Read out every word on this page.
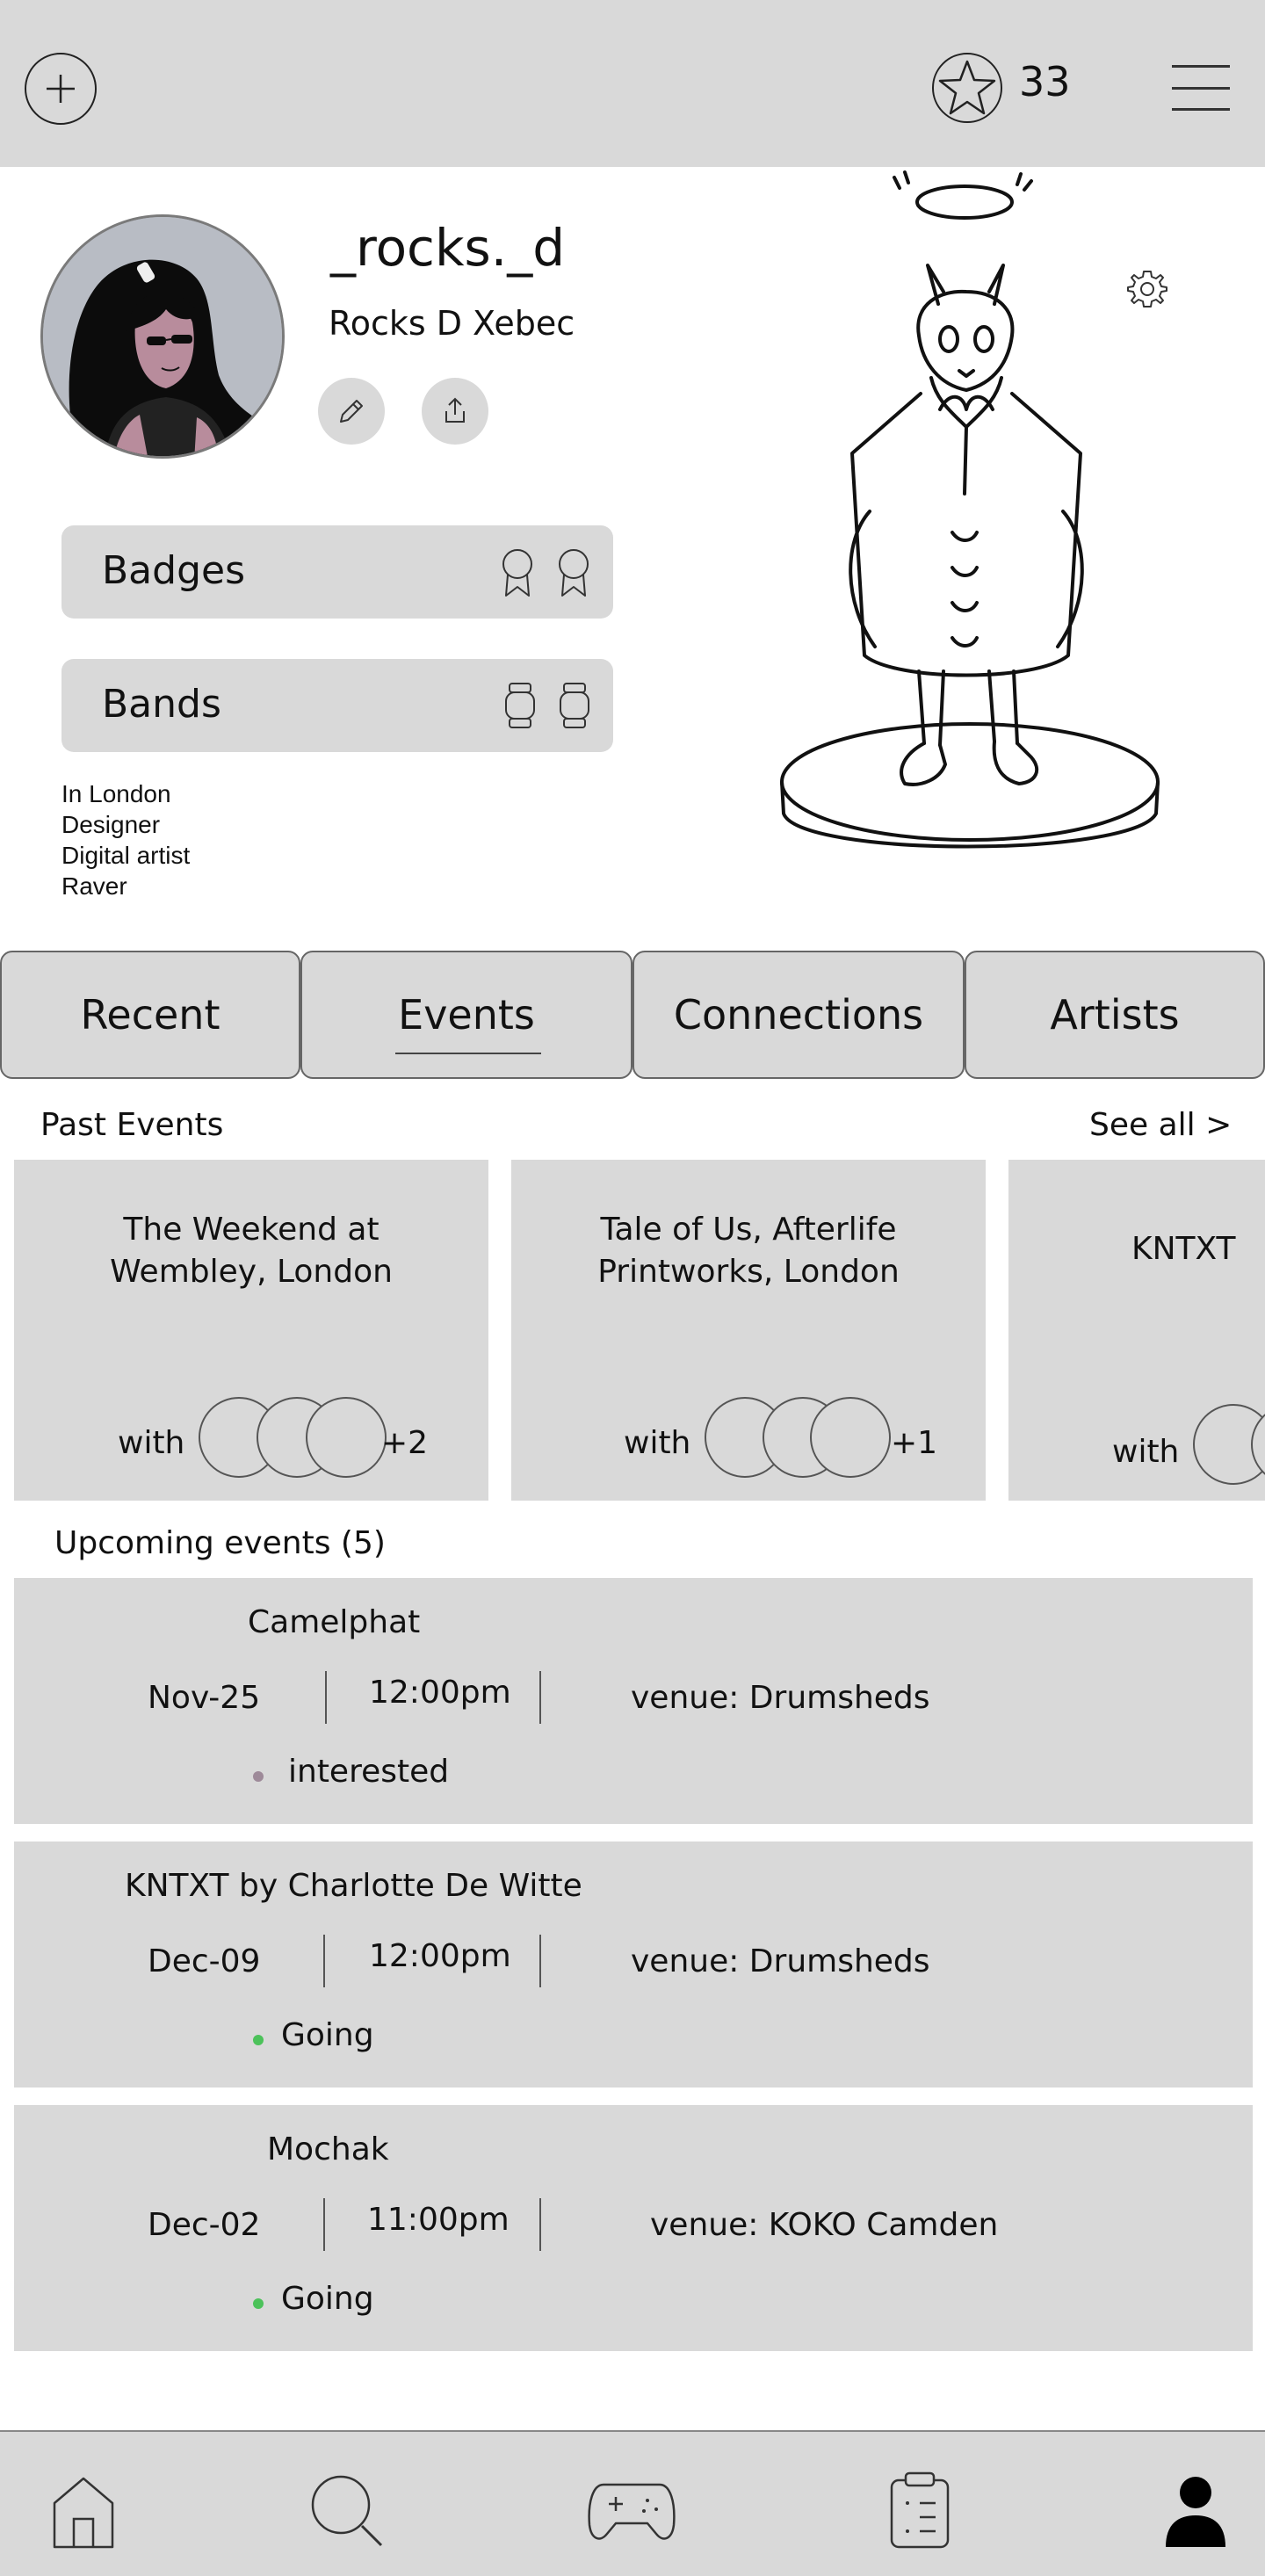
33
_rocks._d
Rocks D Xebec
Badges
Bands
In London
Designer
Digital artist
Raver
Recent	Events	Connections	Artists
Past Events	See all >
The Weekend at Wembley, London
with	+2
Tale of Us, Afterlife Printworks, London
with	+1
KNTXT
with
Upcoming events (5)
Camelphat
Nov-25	12:00pm	venue: Drumsheds
interested
KNTXT by Charlotte De Witte
Dec-09	12:00pm	venue: Drumsheds
Going
Mochak
Dec-02	11:00pm	venue: KOKO Camden
Going
